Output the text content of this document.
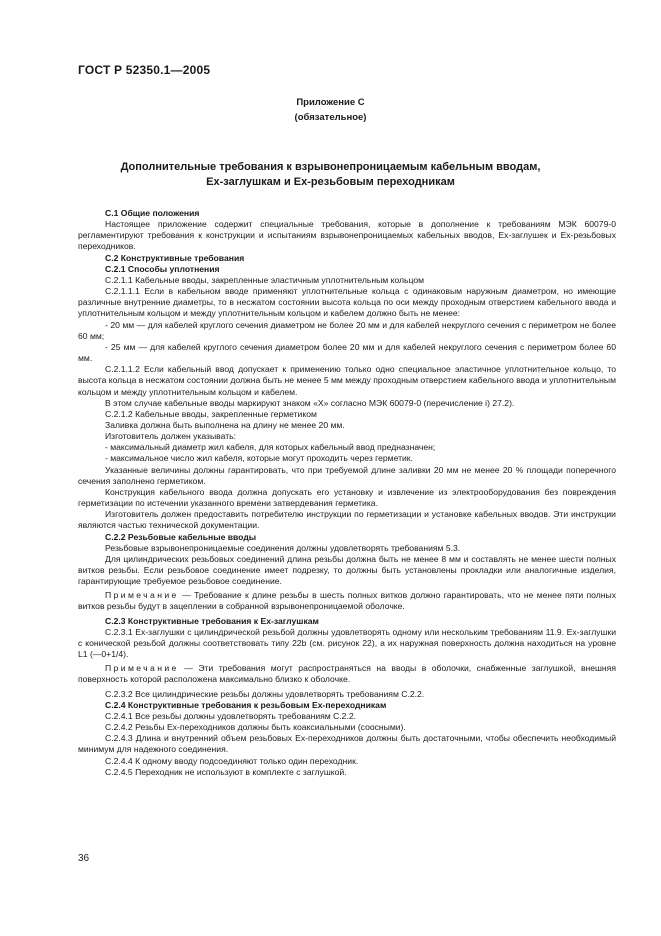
ГОСТ Р 52350.1—2005
Приложение С
(обязательное)
Дополнительные требования к взрывонепроницаемым кабельным вводам,
Ex-заглушкам и Ex-резьбовым переходникам

С.1 Общие положения

Настоящее приложение содержит специальные требования, которые в дополнение к требованиям МЭК 60079-0 регламентируют требования к конструкции и испытаниям взрывонепроницаемых кабельных вводов, Ex-заглушек и Ex-резьбовых переходников.

С.2 Конструктивные требования

С.2.1 Способы уплотнения

С.2.1.1 Кабельные вводы, закрепленные эластичным уплотнительным кольцом

С.2.1.1.1 Если в кабельном вводе применяют уплотнительные кольца с одинаковым наружным диаметром, но имеющие различные внутренние диаметры, то в несжатом состоянии высота кольца по оси между проходным отверстием кабельного ввода и уплотнительным кольцом и между уплотнительным кольцом и кабелем должно быть не менее:

- 20 мм — для кабелей круглого сечения диаметром не более 20 мм и для кабелей некруглого сечения с периметром не более 60 мм;

- 25 мм — для кабелей круглого сечения диаметром более 20 мм и для кабелей некруглого сечения с периметром более 60 мм.

С.2.1.1.2 Если кабельный ввод допускает к применению только одно специальное эластичное уплотнительное кольцо, то высота кольца в несжатом состоянии должна быть не менее 5 мм между проходным отверстием кабельного ввода и уплотнительным кольцом и между уплотнительным кольцом и кабелем.

В этом случае кабельные вводы маркируют знаком «Х» согласно МЭК 60079-0 (перечисление і) 27.2).

С.2.1.2 Кабельные вводы, закрепленные герметиком

Заливка должна быть выполнена на длину не менее 20 мм.

Изготовитель должен указывать:

- максимальный диаметр жил кабеля, для которых кабельный ввод предназначен;

- максимальное число жил кабеля, которые могут проходить через герметик.

Указанные величины должны гарантировать, что при требуемой длине заливки 20 мм не менее 20 % площади поперечного сечения заполнено герметиком.

Конструкция кабельного ввода должна допускать его установку и извлечение из электрооборудования без повреждения герметизации по истечении указанного времени затвердевания герметика.

Изготовитель должен предоставить потребителю инструкции по герметизации и установке кабельных вводов. Эти инструкции являются частью технической документации.

С.2.2 Резьбовые кабельные вводы

Резьбовые взрывонепроницаемые соединения должны удовлетворять требованиям 5.3.

Для цилиндрических резьбовых соединений длина резьбы должна быть не менее 8 мм и составлять не менее шести полных витков резьбы. Если резьбовое соединение имеет подрезку, то должны быть установлены прокладки или аналогичные изделия, гарантирующие требуемое резьбовое соединение.

Примечание — Требование к длине резьбы в шесть полных витков должно гарантировать, что не менее пяти полных витков резьбы будут в зацеплении в собранной взрывонепроницаемой оболочке.

С.2.3 Конструктивные требования к Ex-заглушкам

С.2.3.1 Ex-заглушки с цилиндрической резьбой должны удовлетворять одному или нескольким требованиям 11.9. Ex-заглушки с конической резьбой должны соответствовать типу 22b (см. рисунок 22), а их наружная поверхность должна находиться на уровне L1 (—0+1/4).

Примечание — Эти требования могут распространяться на вводы в оболочки, снабженные заглушкой, внешняя поверхность которой расположена максимально близко к оболочке.

С.2.3.2 Все цилиндрические резьбы должны удовлетворять требованиям С.2.2.

С.2.4 Конструктивные требования к резьбовым Ex-переходникам

С.2.4.1 Все резьбы должны удовлетворять требованиям С.2.2.

С.2.4.2 Резьбы Ex-переходников должны быть коаксиальными (соосными).

С.2.4.3 Длина и внутренний объем резьбовых Ex-переходников должны быть достаточными, чтобы обеспечить необходимый минимум для надежного соединения.

С.2.4.4 К одному вводу подсоединяют только один переходник.

С.2.4.5 Переходник не используют в комплекте с заглушкой.

36
